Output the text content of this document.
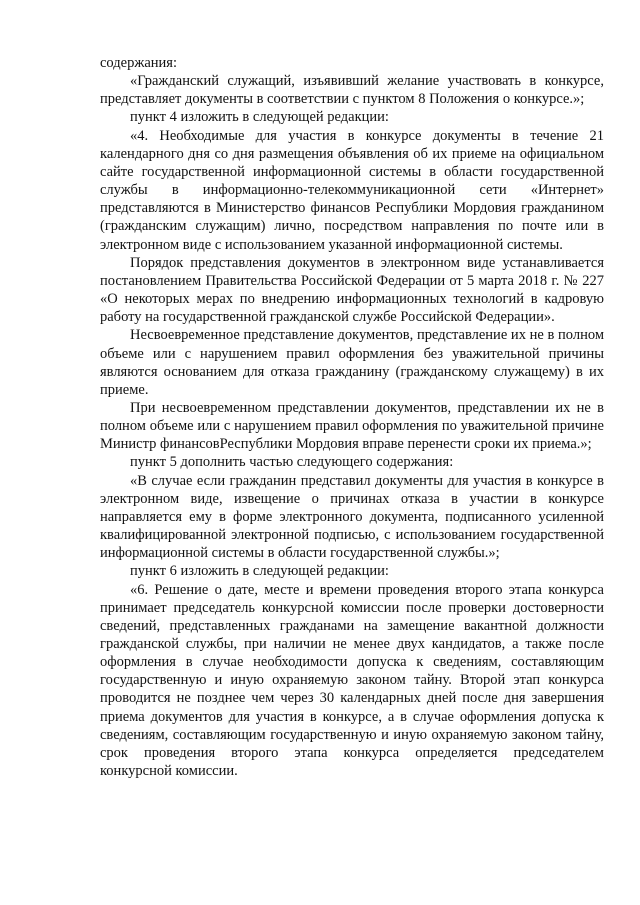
содержания:

«Гражданский служащий, изъявивший желание участвовать в конкурсе, представляет документы в соответствии с пунктом 8 Положения о конкурсе.»;

пункт 4 изложить в следующей редакции:

«4. Необходимые для участия в конкурсе документы в течение 21 календарного дня со дня размещения объявления об их приеме на официальном сайте государственной информационной системы в области государственной службы в информационно-телекоммуникационной сети «Интернет» представляются в Министерство финансов Республики Мордовия гражданином (гражданским служащим) лично, посредством направления по почте или в электронном виде с использованием указанной информационной системы.

Порядок представления документов в электронном виде устанавливается постановлением Правительства Российской Федерации от 5 марта 2018 г. № 227 «О некоторых мерах по внедрению информационных технологий в кадровую работу на государственной гражданской службе Российской Федерации».

Несвоевременное представление документов, представление их не в полном объеме или с нарушением правил оформления без уважительной причины являются основанием для отказа гражданину (гражданскому служащему) в их приеме.

При несвоевременном представлении документов, представлении их не в полном объеме или с нарушением правил оформления по уважительной причине Министр финансовРеспублики Мордовия вправе перенести сроки их приема.»;

пункт 5 дополнить частью следующего содержания:

«В случае если гражданин представил документы для участия в конкурсе в электронном виде, извещение о причинах отказа в участии в конкурсе направляется ему в форме электронного документа, подписанного усиленной квалифицированной электронной подписью, с использованием государственной информационной системы в области государственной службы.»;

пункт 6 изложить в следующей редакции:

«6. Решение о дате, месте и времени проведения второго этапа конкурса принимает председатель конкурсной комиссии после проверки достоверности сведений, представленных гражданами на замещение вакантной должности гражданской службы, при наличии не менее двух кандидатов, а также после оформления в случае необходимости допуска к сведениям, составляющим государственную и иную охраняемую законом тайну. Второй этап конкурса проводится не позднее чем через 30 календарных дней после дня завершения приема документов для участия в конкурсе, а в случае оформления допуска к сведениям, составляющим государственную и иную охраняемую законом тайну, срок проведения второго этапа конкурса определяется председателем конкурсной комиссии.
